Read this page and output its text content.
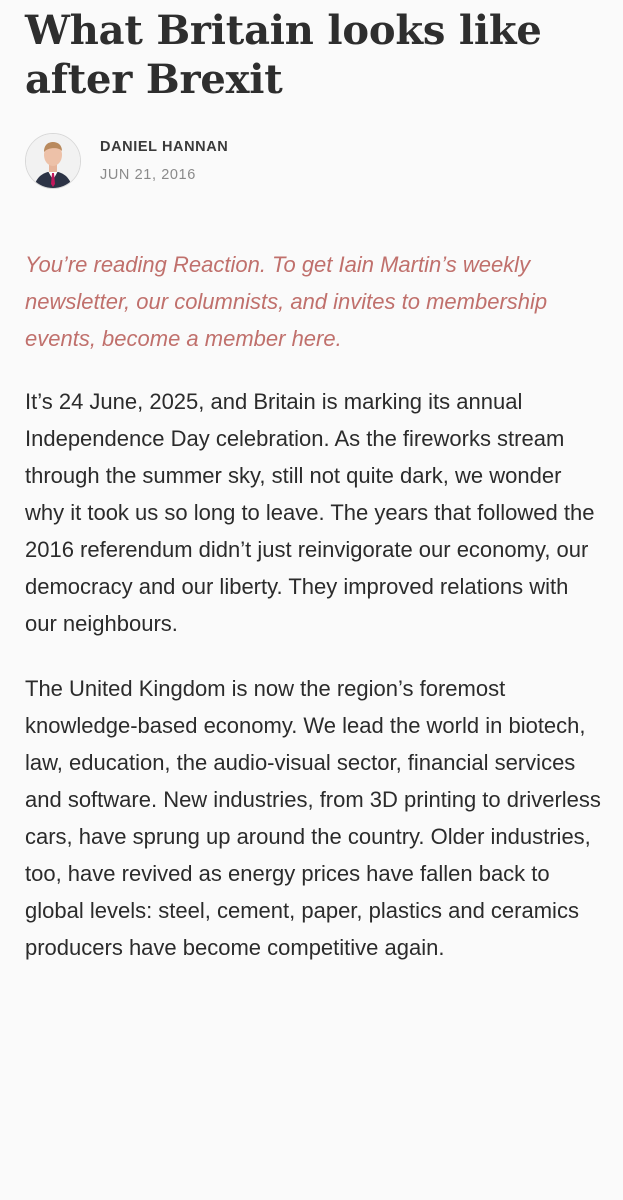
What Britain looks like after Brexit
DANIEL HANNAN
JUN 21, 2016
You’re reading Reaction. To get Iain Martin’s weekly newsletter, our columnists, and invites to membership events, become a member here.

It’s 24 June, 2025, and Britain is marking its annual Independence Day celebration. As the fireworks stream through the summer sky, still not quite dark, we wonder why it took us so long to leave. The years that followed the 2016 referendum didn’t just reinvigorate our economy, our democracy and our liberty. They improved relations with our neighbours.

The United Kingdom is now the region’s foremost knowledge-based economy. We lead the world in biotech, law, education, the audio-visual sector, financial services and software. New industries, from 3D printing to driverless cars, have sprung up around the country. Older industries, too, have revived as energy prices have fallen back to global levels: steel, cement, paper, plastics and ceramics producers have become competitive again.
